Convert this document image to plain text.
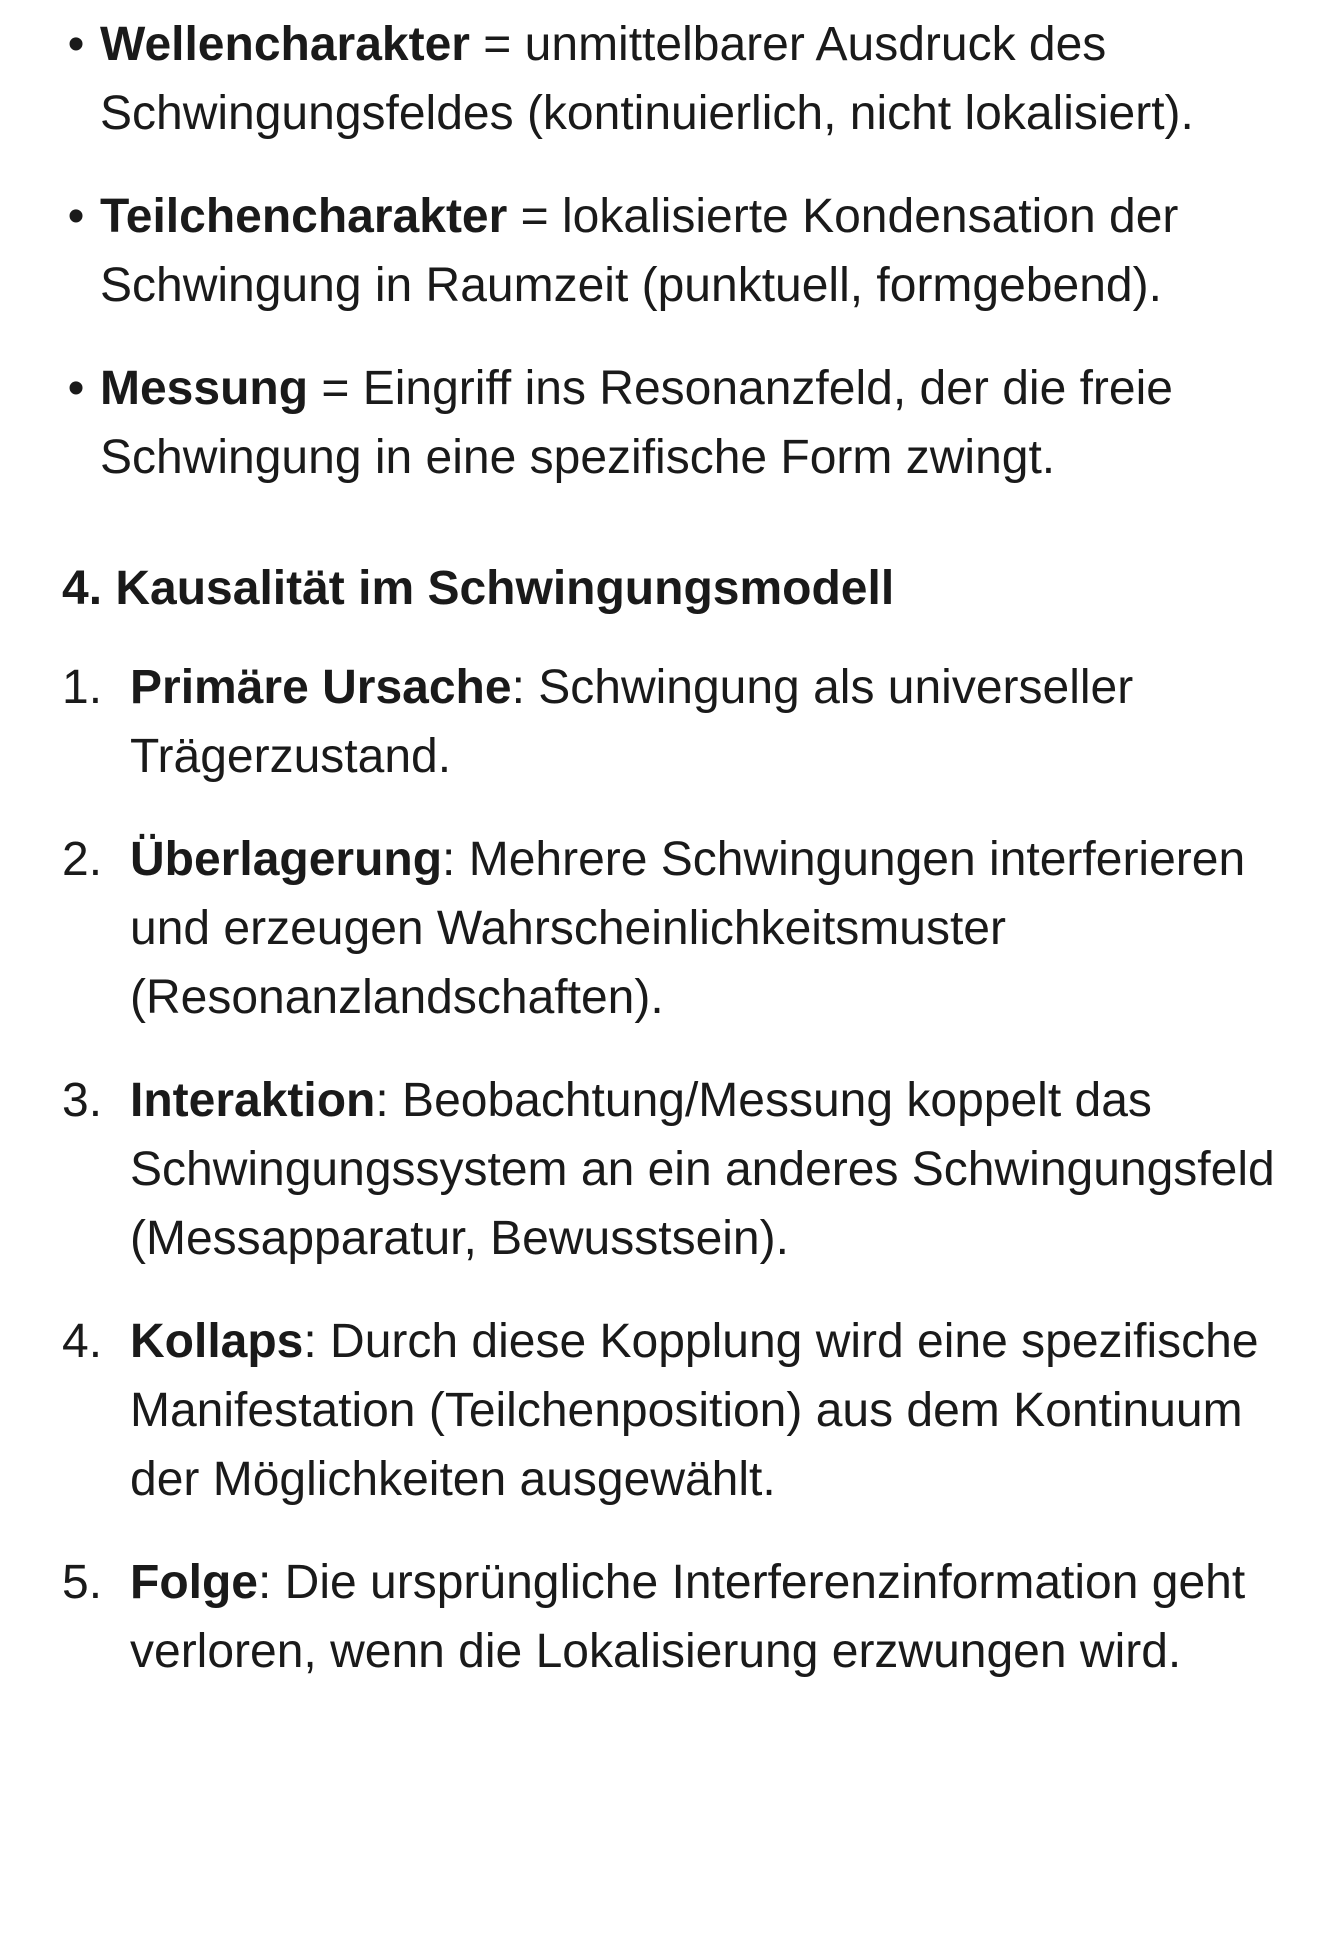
• Wellencharakter = unmittelbarer Ausdruck des Schwingungsfeldes (kontinuierlich, nicht lokalisiert).
• Teilchencharakter = lokalisierte Kondensation der Schwingung in Raumzeit (punktuell, formgebend).
• Messung = Eingriff ins Resonanzfeld, der die freie Schwingung in eine spezifische Form zwingt.
4. Kausalität im Schwingungsmodell
1. Primäre Ursache: Schwingung als universeller Trägerzustand.
2. Überlagerung: Mehrere Schwingungen interferieren und erzeugen Wahrscheinlichkeitsmuster (Resonanzlandschaften).
3. Interaktion: Beobachtung/Messung koppelt das Schwingungssystem an ein anderes Schwingungsfeld (Messapparatur, Bewusstsein).
4. Kollaps: Durch diese Kopplung wird eine spezifische Manifestation (Teilchenposition) aus dem Kontinuum der Möglichkeiten ausgewählt.
5. Folge: Die ursprüngliche Interferenzinformation geht verloren, wenn die Lokalisierung erzwungen wird.
